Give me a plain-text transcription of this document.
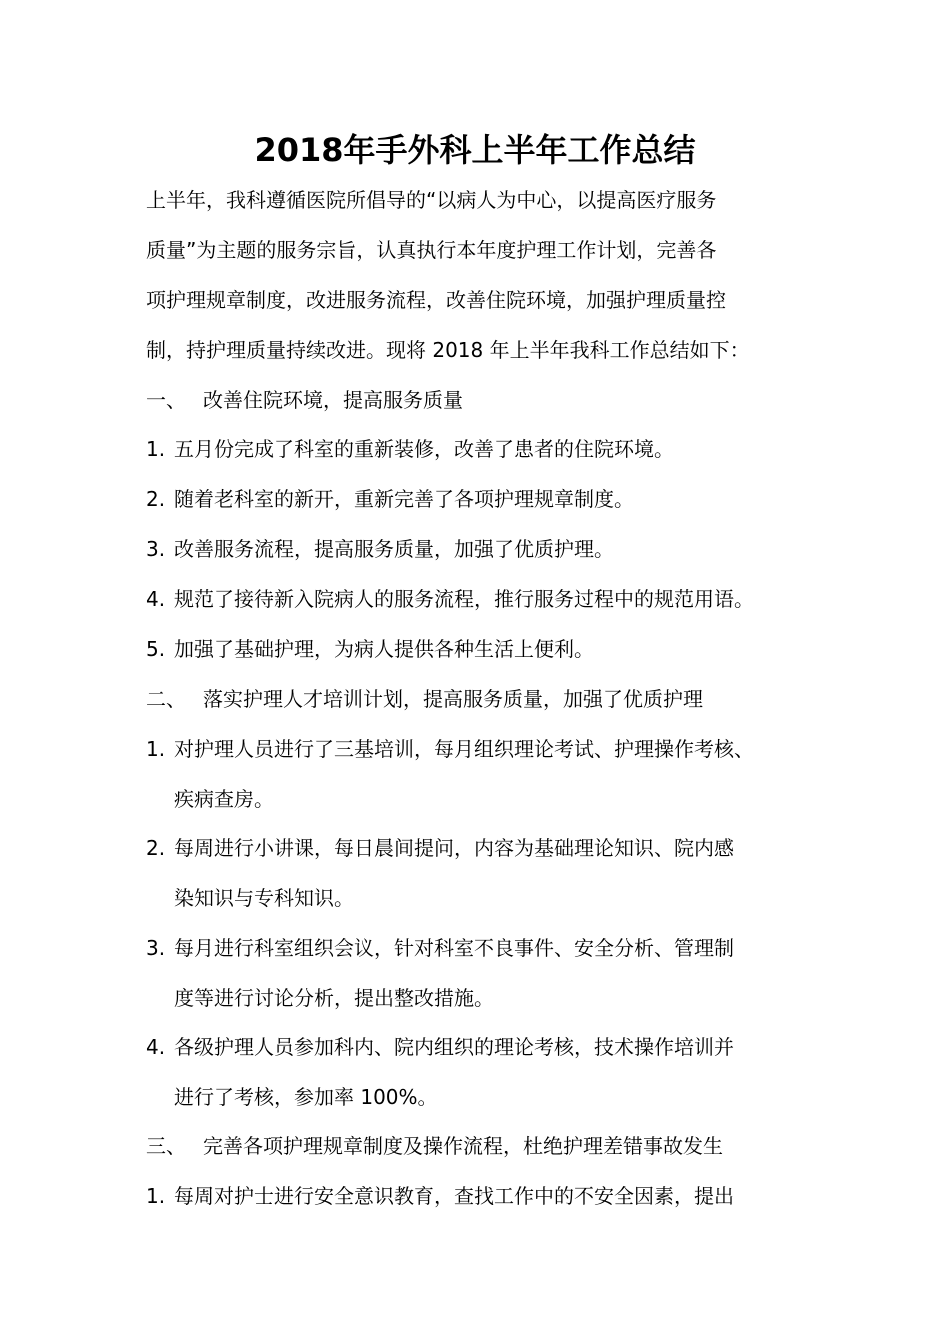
2018年手外科上半年工作总结
上半年，我科遵循医院所倡导的“以病人为中心，以提高医疗服务
质量”为主题的服务宗旨，认真执行本年度护理工作计划，完善各
项护理规章制度，改进服务流程，改善住院环境，加强护理质量控
制，持护理质量持续改进。现将 2018 年上半年我科工作总结如下：
一、 改善住院环境，提高服务质量
1. 五月份完成了科室的重新装修，改善了患者的住院环境。
2. 随着老科室的新开，重新完善了各项护理规章制度。
3. 改善服务流程，提高服务质量，加强了优质护理。
4. 规范了接待新入院病人的服务流程，推行服务过程中的规范用语。
5. 加强了基础护理，为病人提供各种生活上便利。
二、 落实护理人才培训计划，提高服务质量，加强了优质护理
1. 对护理人员进行了三基培训，每月组织理论考试、护理操作考核、
疾病查房。
2. 每周进行小讲课，每日晨间提问，内容为基础理论知识、院内感
染知识与专科知识。
3. 每月进行科室组织会议，针对科室不良事件、安全分析、管理制
度等进行讨论分析，提出整改措施。
4. 各级护理人员参加科内、院内组织的理论考核，技术操作培训并
进行了考核，参加率 100%。
三、 完善各项护理规章制度及操作流程，杜绝护理差错事故发生
1. 每周对护士进行安全意识教育，查找工作中的不安全因素，提出
